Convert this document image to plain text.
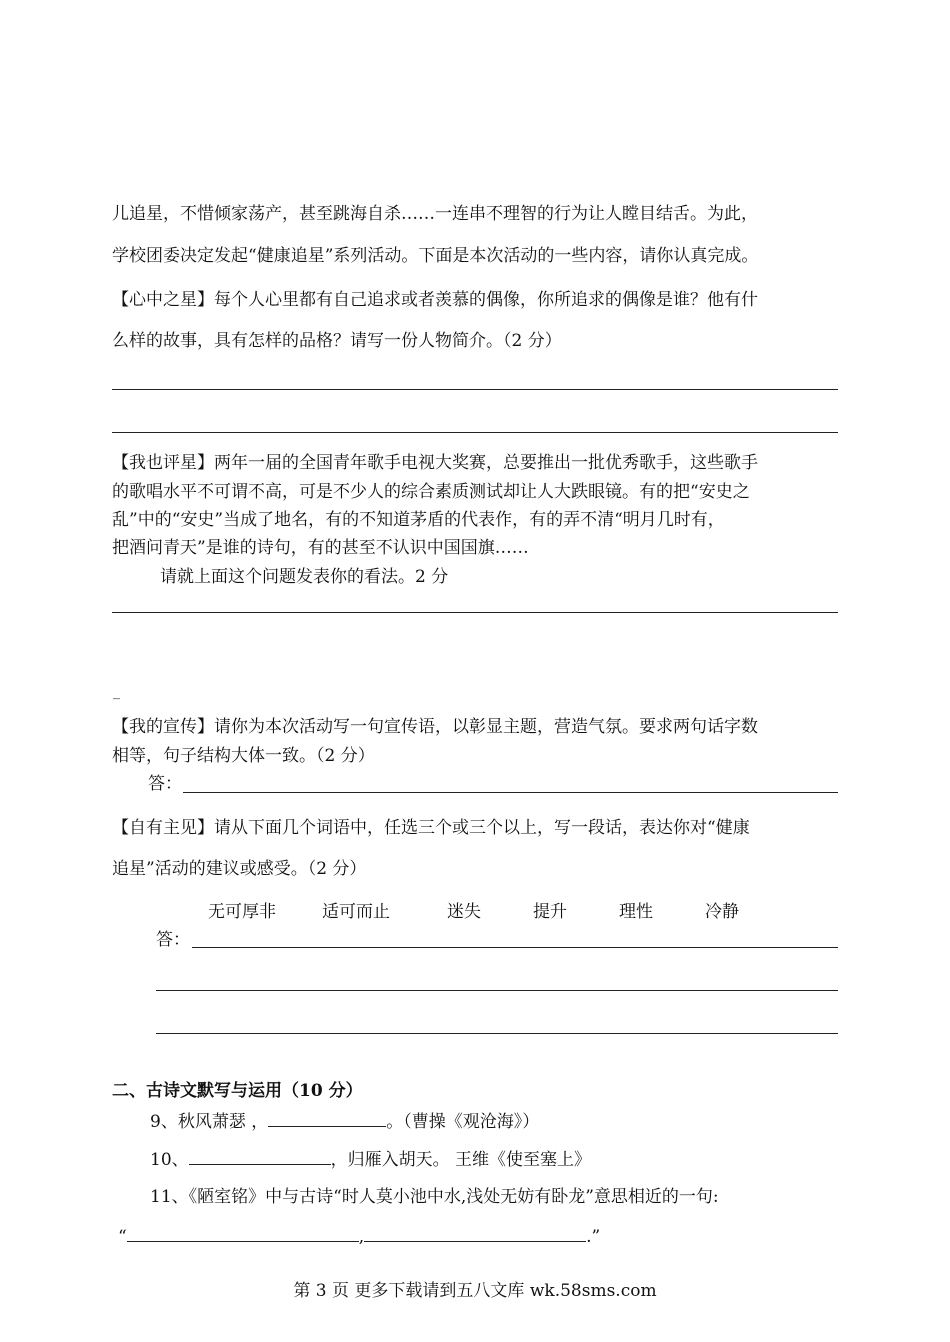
儿追星，不惜倾家荡产，甚至跳海自杀……一连串不理智的行为让人瞠目结舌。为此，
学校团委决定发起“健康追星”系列活动。下面是本次活动的一些内容，请你认真完成。
【心中之星】每个人心里都有自己追求或者羡慕的偶像，你所追求的偶像是谁？他有什
么样的故事，具有怎样的品格？请写一份人物简介。（2 分）
【我也评星】两年一届的全国青年歌手电视大奖赛，总要推出一批优秀歌手，这些歌手
的歌唱水平不可谓不高，可是不少人的综合素质测试却让人大跌眼镜。有的把“安史之
乱”中的“安史”当成了地名，有的不知道茅盾的代表作，有的弄不清“明月几时有，
把酒问青天”是谁的诗句，有的甚至不认识中国国旗……
请就上面这个问题发表你的看法。2 分
_
【我的宣传】请你为本次活动写一句宣传语，以彰显主题，营造气氛。要求两句话字数
相等，句子结构大体一致。（2 分）
答：
【自有主见】请从下面几个词语中，任选三个或三个以上，写一段话，表达你对“健康
追星”活动的建议或感受。（2 分）
无可厚非	适可而止	迷失	提升	理性	冷静
答：
二、古诗文默写与运用（10 分）
9、秋风萧瑟 ，	。（曹操《观沧海》）
10、	，归雁入胡天。 王维《使至塞上》
11、《陋室铭》中与古诗“时人莫小池中水,浅处无妨有卧龙”意思相近的一句:
“	,	.”
第 3 页 更多下载请到五八文库 wk.58sms.com
